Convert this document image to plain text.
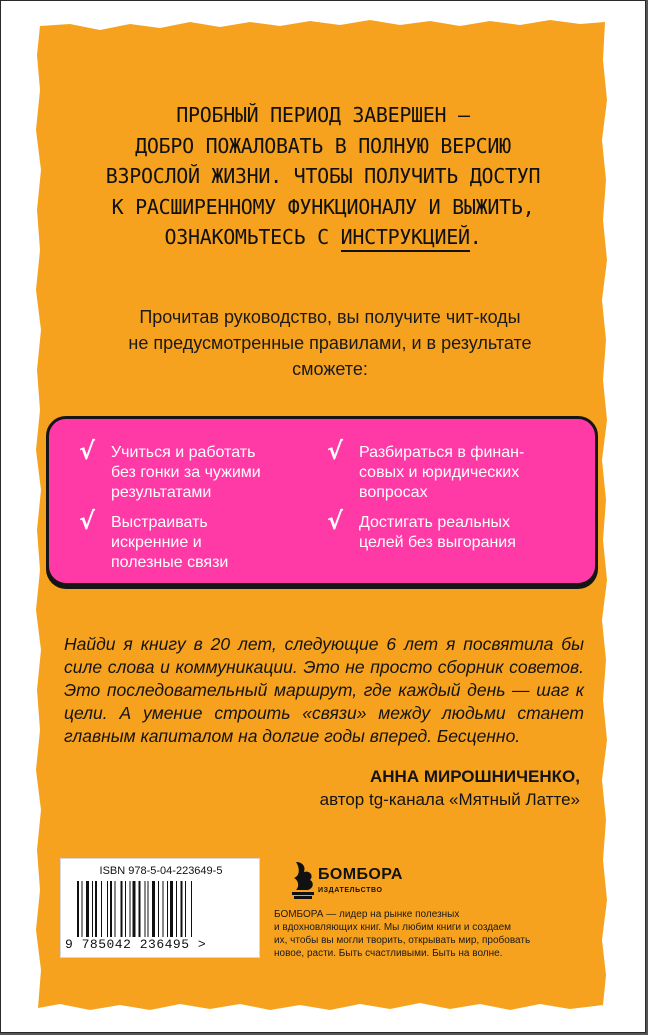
ПРОБНЫЙ ПЕРИОД ЗАВЕРШЕН –
ДОБРО ПОЖАЛОВАТЬ В ПОЛНУЮ ВЕРСИЮ
ВЗРОСЛОЙ ЖИЗНИ. ЧТОБЫ ПОЛУЧИТЬ ДОСТУП
К РАСШИРЕННОМУ ФУНКЦИОНАЛУ И ВЫЖИТЬ,
ОЗНАКОМЬТЕСЬ С ИНСТРУКЦИЕЙ.
Прочитав руководство, вы получите чит-коды
не предусмотренные правилами, и в результате
сможете:
√ Учиться и работать
без гонки за чужими
результатами
√ Разбираться в финан-
совых и юридических
вопросах
√ Выстраивать
искренние и
полезные связи
√ Достигать реальных
целей без выгорания
Найди я книгу в 20 лет, следующие 6 лет я посвятила бы силе слова и коммуникации. Это не просто сборник советов. Это последовательный маршрут, где каждый день — шаг к цели. А умение строить «связи» между людьми станет главным капиталом на долгие годы вперед. Бесценно.
АННА МИРОШНИЧЕНКО,
автор tg-канала «Мятный Латте»
ISBN 978-5-04-223649-5
9 785042 236495 >
БОМБОРА
ИЗДАТЕЛЬСТВО
БОМБОРА — лидер на рынке полезных
и вдохновляющих книг. Мы любим книги и создаем
их, чтобы вы могли творить, открывать мир, пробовать
новое, расти. Быть счастливыми. Быть на волне.
